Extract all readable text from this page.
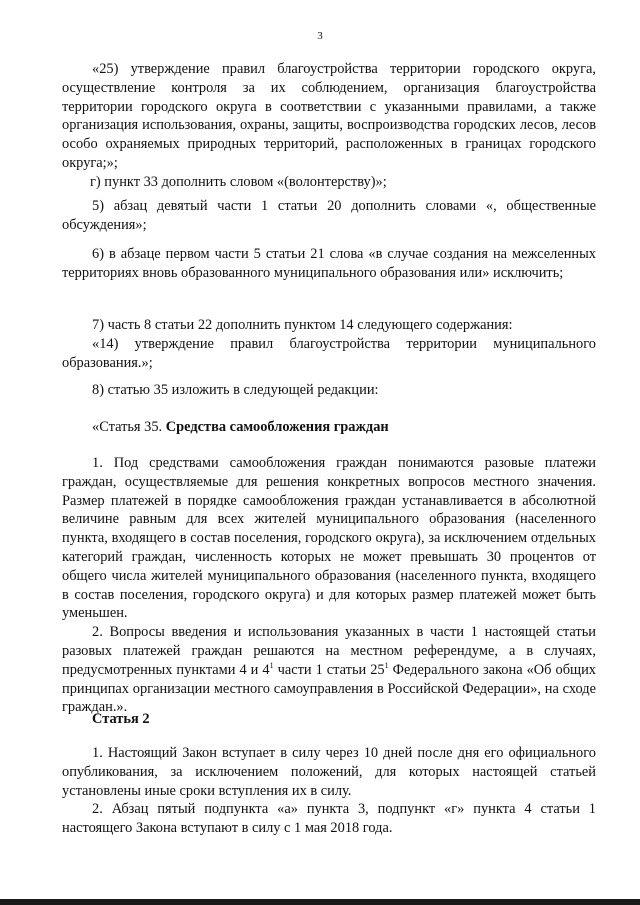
3

«25) утверждение правил благоустройства территории городского округа, осуществление контроля за их соблюдением, организация благоустройства территории городского округа в соответствии с указанными правилами, а также организация использования, охраны, защиты, воспроизводства городских лесов, лесов особо охраняемых природных территорий, расположенных в границах городского округа;»;

г) пункт 33 дополнить словом «(волонтерству)»;

5) абзац девятый части 1 статьи 20 дополнить словами «, общественные обсуждения»;

6) в абзаце первом части 5 статьи 21 слова «в случае создания на межселенных территориях вновь образованного муниципального образования или» исключить;

7) часть 8 статьи 22 дополнить пунктом 14 следующего содержания:

«14) утверждение правил благоустройства территории муниципального образования.»;

8) статью 35 изложить в следующей редакции:

«Статья 35. Средства самообложения граждан

1. Под средствами самообложения граждан понимаются разовые платежи граждан, осуществляемые для решения конкретных вопросов местного значения. Размер платежей в порядке самообложения граждан устанавливается в абсолютной величине равным для всех жителей муниципального образования (населенного пункта, входящего в состав поселения, городского округа), за исключением отдельных категорий граждан, численность которых не может превышать 30 процентов от общего числа жителей муниципального образования (населенного пункта, входящего в состав поселения, городского округа) и для которых размер платежей может быть уменьшен.

2. Вопросы введения и использования указанных в части 1 настоящей статьи разовых платежей граждан решаются на местном референдуме, а в случаях, предусмотренных пунктами 4 и $4^1$ части 1 статьи $25^1$ Федерального закона «Об общих принципах организации местного самоуправления в Российской Федерации», на сходе граждан.».

Статья 2

1. Настоящий Закон вступает в силу через 10 дней после дня его официального опубликования, за исключением положений, для которых настоящей статьей установлены иные сроки вступления их в силу.

2. Абзац пятый подпункта «а» пункта 3, подпункт «г» пункта 4 статьи 1 настоящего Закона вступают в силу с 1 мая 2018 года.
